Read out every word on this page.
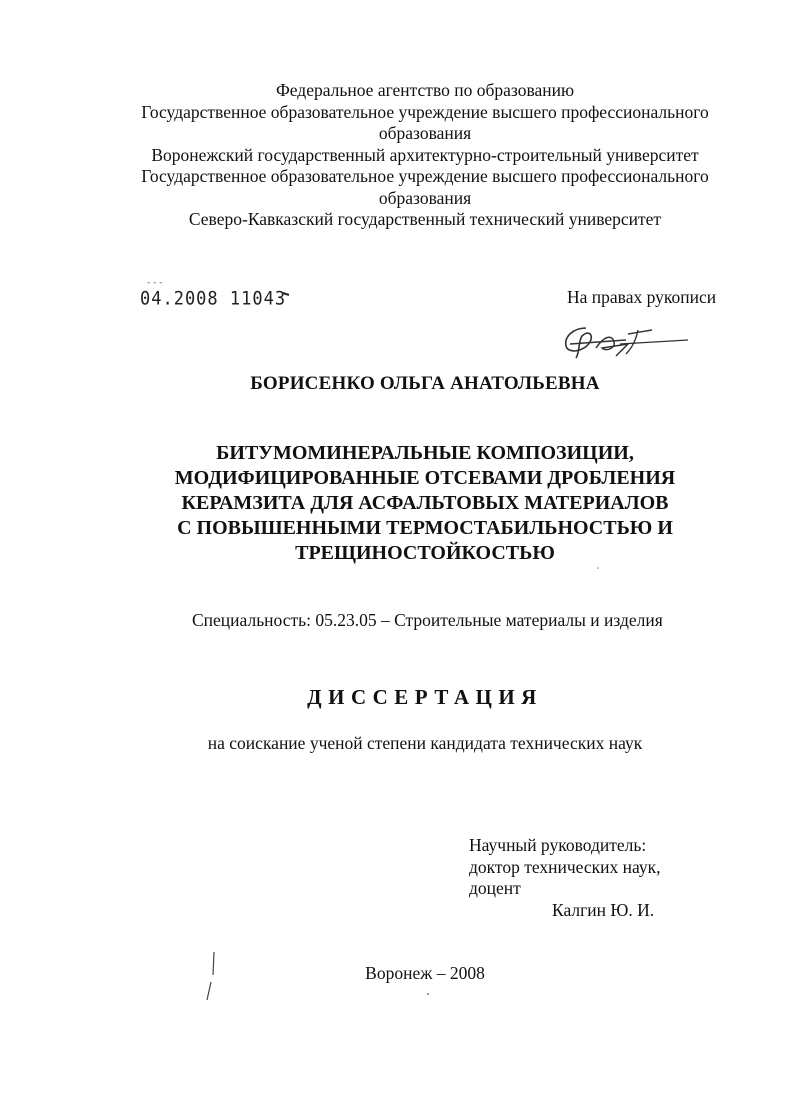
Федеральное агентство по образованию
Государственное образовательное учреждение высшего профессионального
образования
Воронежский государственный архитектурно-строительный университет
Государственное образовательное учреждение высшего профессионального
образования
Северо-Кавказский государственный технический университет
- - -
04.2008 11043	На правах рукописи
БОРИСЕНКО ОЛЬГА АНАТОЛЬЕВНА
БИТУМОМИНЕРАЛЬНЫЕ КОМПОЗИЦИИ,
МОДИФИЦИРОВАННЫЕ ОТСЕВАМИ ДРОБЛЕНИЯ
КЕРАМЗИТА ДЛЯ АСФАЛЬТОВЫХ МАТЕРИАЛОВ
С ПОВЫШЕННЫМИ ТЕРМОСТАБИЛЬНОСТЬЮ И
ТРЕЩИНОСТОЙКОСТЬЮ
Специальность: 05.23.05 – Строительные материалы и изделия
ДИССЕРТАЦИЯ
на соискание ученой степени кандидата технических наук
Научный руководитель:
доктор технических наук,
доцент
Калгин Ю. И.
Воронеж – 2008
